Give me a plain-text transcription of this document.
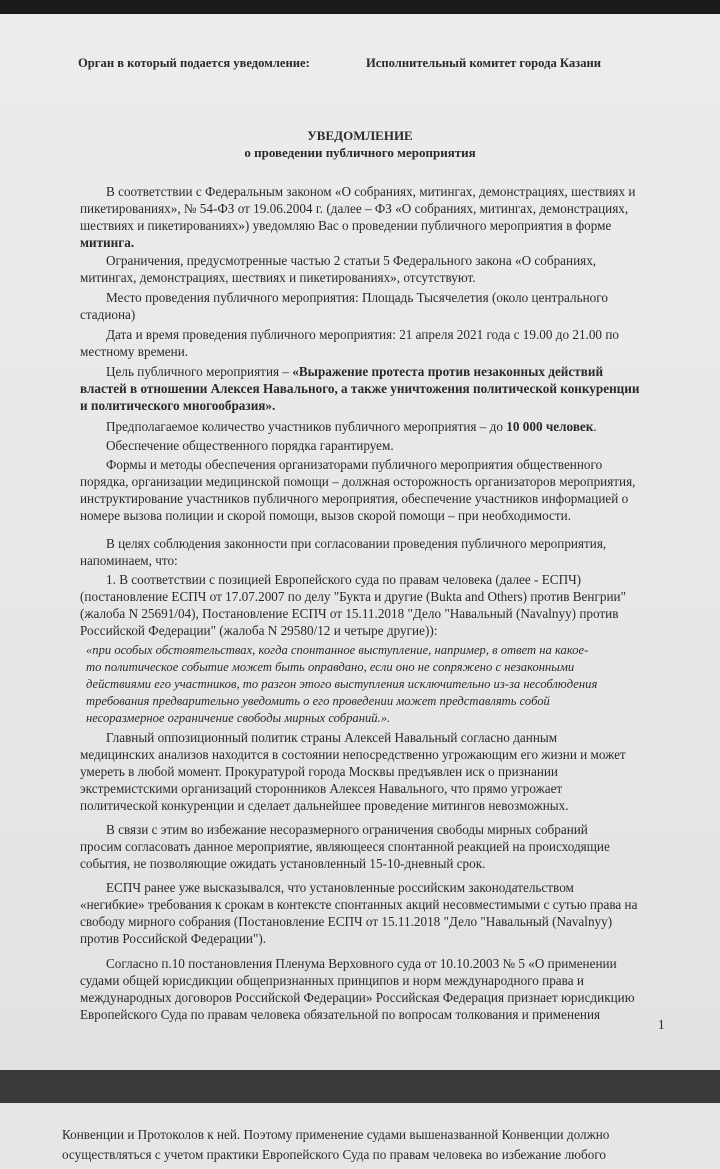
Орган в который подается уведомление:	Исполнительный комитет города Казани
УВЕДОМЛЕНИЕ
о проведении публичного мероприятия
В соответствии с Федеральным законом «О собраниях, митингах, демонстрациях, шествиях и
пикетированиях», № 54-ФЗ от 19.06.2004 г. (далее – ФЗ «О собраниях, митингах, демонстрациях,
шествиях и пикетированиях») уведомляю Вас о проведении публичного мероприятия в форме
митинга.
Ограничения, предусмотренные частью 2 статьи 5 Федерального закона «О собраниях,
митингах, демонстрациях, шествиях и пикетированиях», отсутствуют.
Место проведения публичного мероприятия: Площадь Тысячелетия (около центрального
стадиона)
Дата и время проведения публичного мероприятия: 21 апреля 2021 года с 19.00 до 21.00 по
местному времени.
Цель публичного мероприятия – «Выражение протеста против незаконных действий
властей в отношении Алексея Навального, а также уничтожения политической конкуренции
и политического многообразия».
Предполагаемое количество участников публичного мероприятия – до 10 000 человек.
Обеспечение общественного порядка гарантируем.
Формы и методы обеспечения организаторами публичного мероприятия общественного
порядка, организации медицинской помощи – должная осторожность организаторов мероприятия,
инструктирование участников публичного мероприятия, обеспечение участников информацией о
номере вызова полиции и скорой помощи, вызов скорой помощи – при необходимости.
В целях соблюдения законности при согласовании проведения публичного мероприятия,
напоминаем, что:
1. В соответствии с позицией Европейского суда по правам человека (далее - ЕСПЧ)
(постановление ЕСПЧ от 17.07.2007 по делу "Букта и другие (Bukta and Others) против Венгрии"
(жалоба N 25691/04), Постановление ЕСПЧ от 15.11.2018 "Дело "Навальный (Navalnyy) против
Российской Федерации" (жалоба N 29580/12 и четыре другие)):
«при особых обстоятельствах, когда спонтанное выступление, например, в ответ на какое-
то политическое событие может быть оправдано, если оно не сопряжено с незаконными
действиями его участников, то разгон этого выступления исключительно из-за несоблюдения
требования предварительно уведомить о его проведении может представлять собой
несоразмерное ограничение свободы мирных собраний.».
Главный оппозиционный политик страны Алексей Навальный согласно данным
медицинских анализов находится в состоянии непосредственно угрожающим его жизни и может
умереть в любой момент. Прокуратурой города Москвы предъявлен иск о признании
экстремистскими организаций сторонников Алексея Навального, что прямо угрожает
политической конкуренции и сделает дальнейшее проведение митингов невозможных.
В связи с этим во избежание несоразмерного ограничения свободы мирных собраний
просим согласовать данное мероприятие, являющееся спонтанной реакцией на происходящие
события, не позволяющие ожидать установленный 15-10-дневный срок.
ЕСПЧ ранее уже высказывался, что установленные российским законодательством
«негибкие» требования к срокам в контексте спонтанных акций несовместимыми с сутью права на
свободу мирного собрания (Постановление ЕСПЧ от 15.11.2018 "Дело "Навальный (Navalnyy)
против Российской Федерации").
Согласно п.10 постановления Пленума Верховного суда от 10.10.2003 № 5 «О применении
судами общей юрисдикции общепризнанных принципов и норм международного права и
международных договоров Российской Федерации» Российская Федерация признает юрисдикцию
Европейского Суда по правам человека обязательной по вопросам толкования и применения
1
Конвенции и Протоколов к ней. Поэтому применение судами вышеназванной Конвенции должно
осуществляться с учетом практики Европейского Суда по правам человека во избежание любого
